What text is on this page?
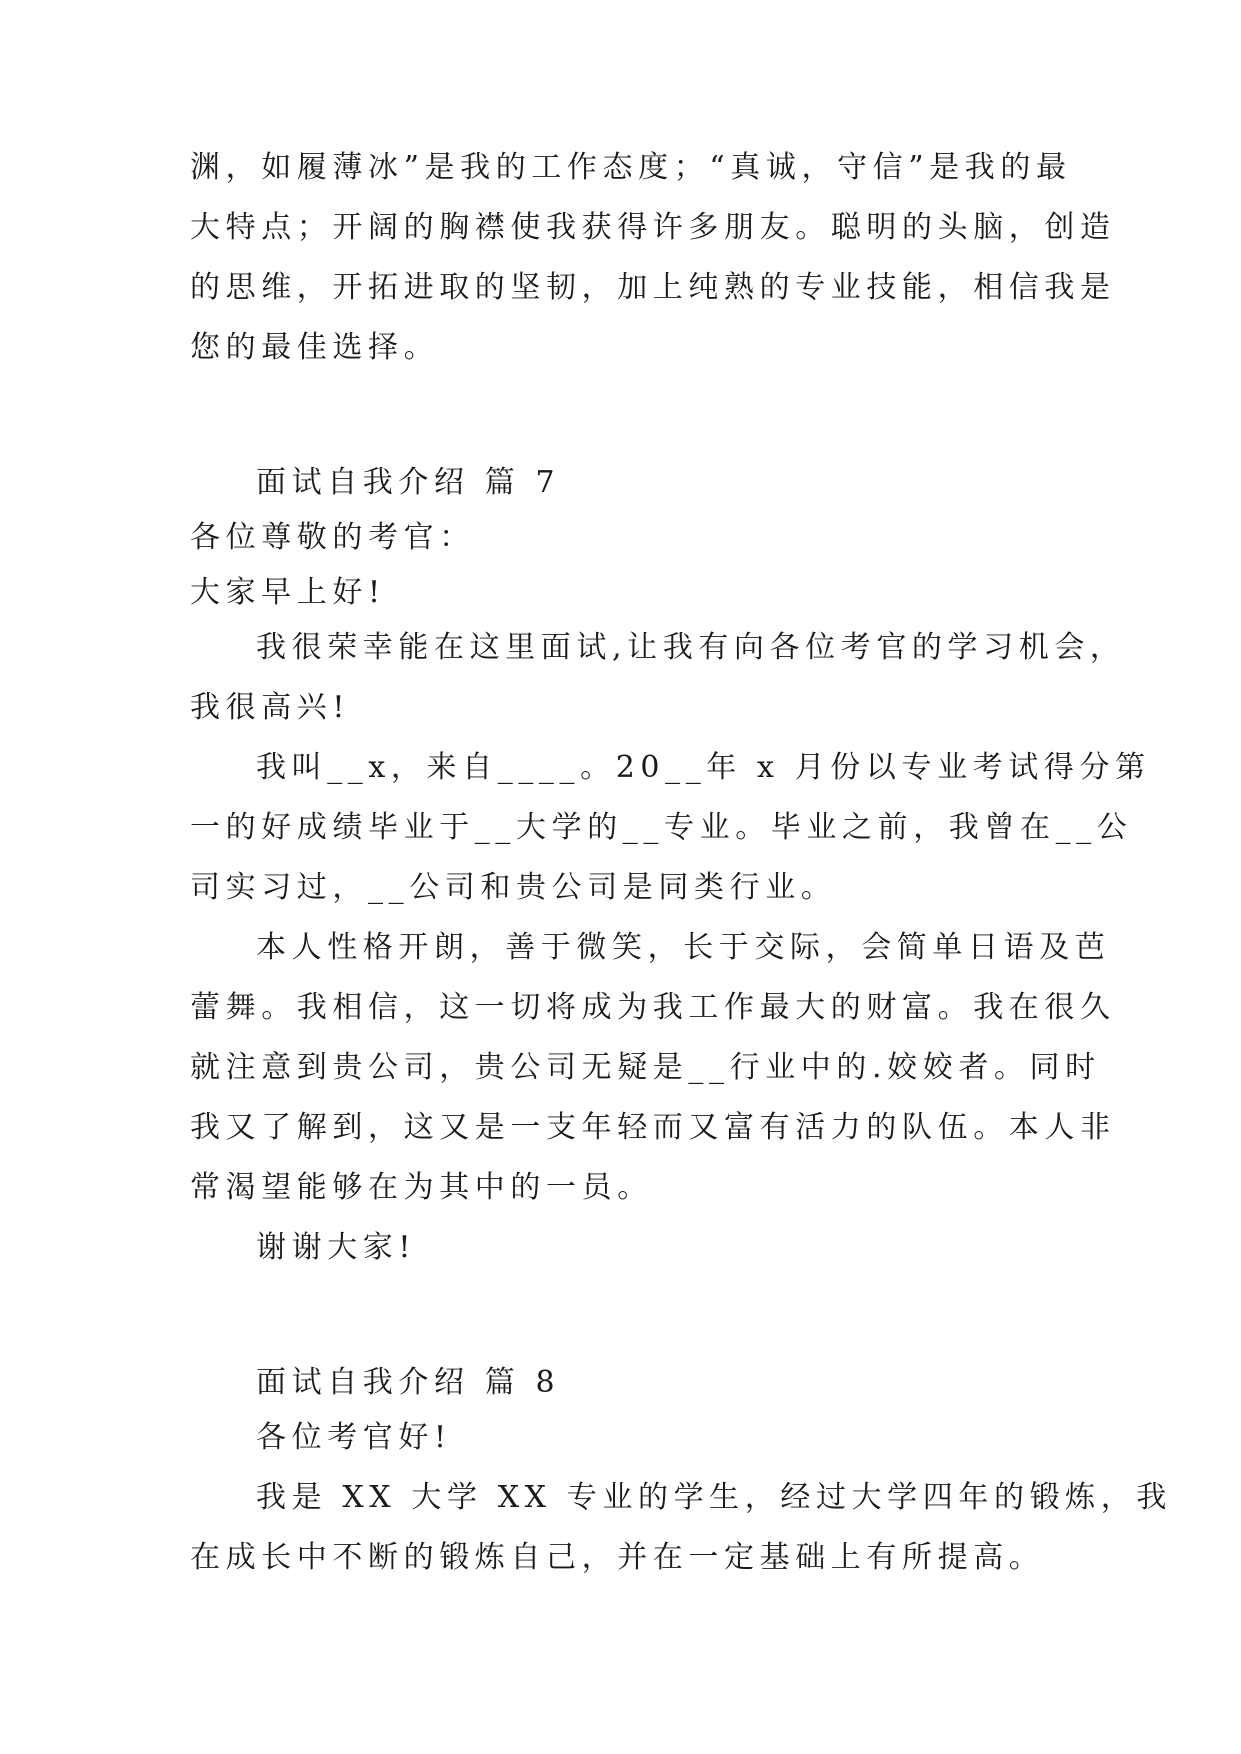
渊，如履薄冰”是我的工作态度；“真诚，守信”是我的最

大特点；开阔的胸襟使我获得许多朋友。聪明的头脑，创造

的思维，开拓进取的坚韧，加上纯熟的专业技能，相信我是

您的最佳选择。

面试自我介绍 篇 7

各位尊敬的考官：

大家早上好!

我很荣幸能在这里面试,让我有向各位考官的学习机会，

我很高兴!

我叫__x，来自____。20__年 x 月份以专业考试得分第

一的好成绩毕业于__大学的__专业。毕业之前，我曾在__公

司实习过，__公司和贵公司是同类行业。

本人性格开朗，善于微笑，长于交际，会简单日语及芭

蕾舞。我相信，这一切将成为我工作最大的财富。我在很久

就注意到贵公司，贵公司无疑是__行业中的.姣姣者。同时

我又了解到，这又是一支年轻而又富有活力的队伍。本人非

常渴望能够在为其中的一员。

谢谢大家!

面试自我介绍 篇 8

各位考官好!

我是 XX 大学 XX 专业的学生，经过大学四年的锻炼，我

在成长中不断的锻炼自己，并在一定基础上有所提高。
